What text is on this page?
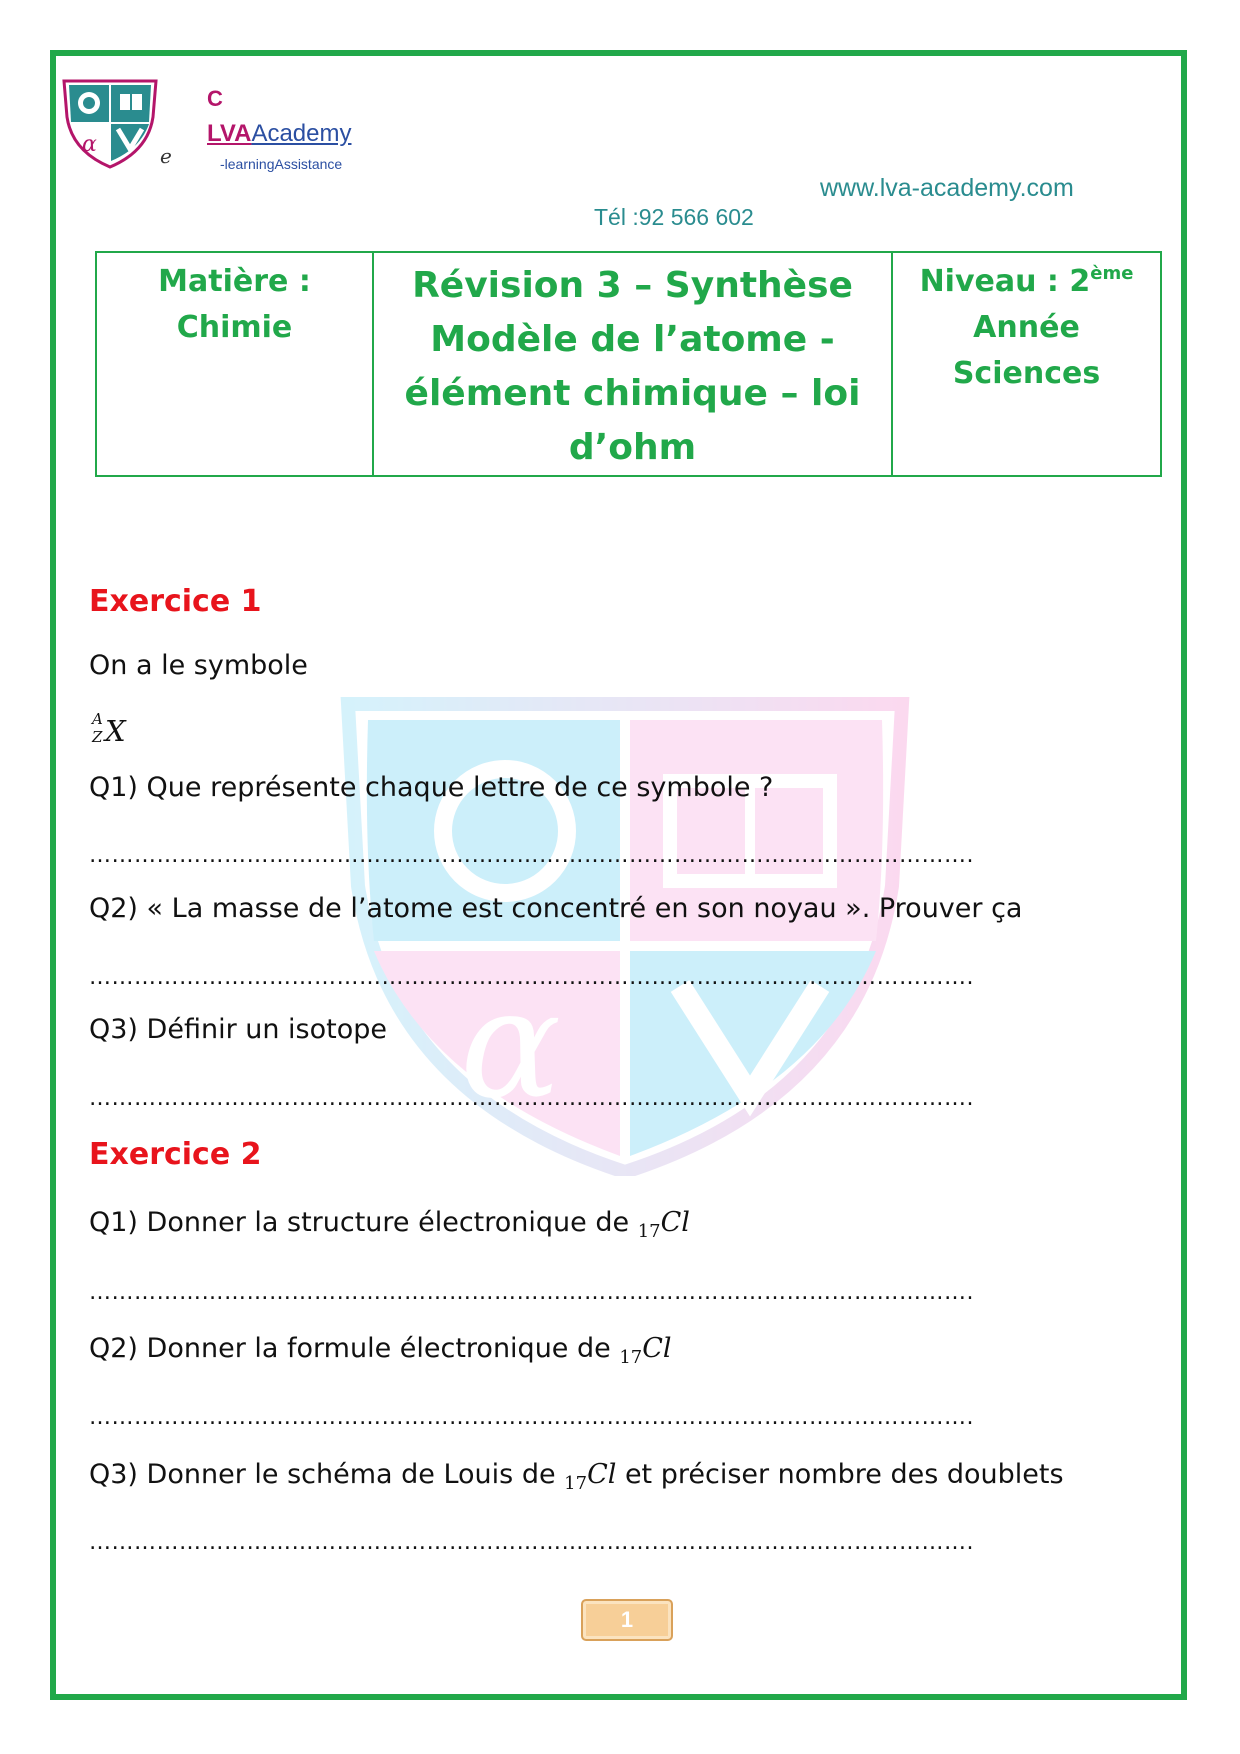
α	e
C
LVAAcademy
-learningAssistance
www.lva-academy.com
Tél :92 566 602
Matière :
Chimie

Révision 3 – Synthèse
Modèle de l’atome -
élément chimique – loi
d’ohm

Niveau : 2ème
Année
Sciences
α
Exercice 1
On a le symbole
A
Z X
Q1) Que représente chaque lettre de ce symbole ?
……………………………………………………………………………………………………….
Q2) « La masse de l’atome est concentré en son noyau ». Prouver ça
……………………………………………………………………………………………………….
Q3) Définir un isotope
……………………………………………………………………………………………………….
Exercice 2
Q1) Donner la structure électronique de $_{17}$Cl
……………………………………………………………………………………………………….
Q2) Donner la formule électronique de $_{17}$Cl
……………………………………………………………………………………………………….
Q3) Donner le schéma de Louis de $_{17}$Cl et préciser nombre des doublets
……………………………………………………………………………………………………….
1
